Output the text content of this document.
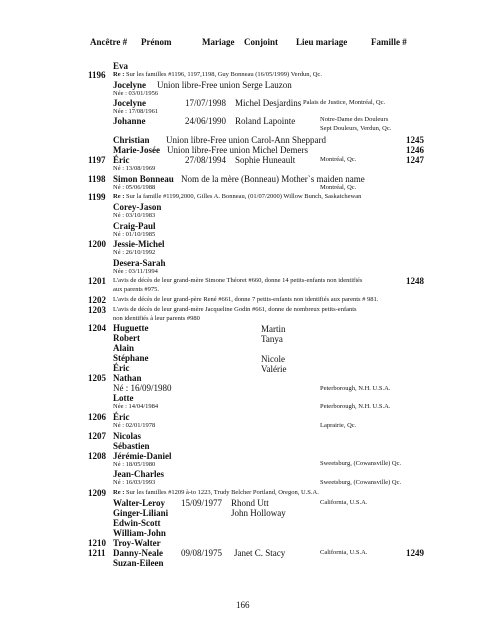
Ancêtre # Prénom	Mariage Conjoint Lieu mariage	Famille #
Eva
1196 Re : Sur les familles #1196, 1197,1198, Guy Bonneau (16/05/1999) Verdun, Qc.
Jocelyne Union libre-Free union Serge Lauzon
Née : 03/01/1956
Jocelyne	17/07/1998 Michel Desjardins Palais de Justice, Montréal, Qc.
Née : 17/08/1961
Johanne	24/06/1990 Roland Lapointe	Notre-Dame des Douleurs
Sept Douleurs, Verdun, Qc.
Christian Union libre-Free union Carol-Ann Sheppard	1245
Marie-Josée Union libre-Free union Michel Demers	1246
1197 Éric	27/08/1994 Sophie Huneault	Montréal, Qc.	1247
Né : 13/08/1969
1198 Simon Bonneau Nom de la mère (Bonneau) Mother`s maiden name
Né : 05/06/1988	Montréal, Qc.
1199 Re : Sur la famille #1199,2000, Gilles A. Bonneau, (01/07/2000) Willow Bunch, Saskatchewan
Corey-Jason
Né : 03/10/1983
Craig-Paul
Né : 01/10/1985
1200 Jessie-Michel
Né : 26/10/1992
Desera-Sarah
Née : 03/11/1994
1201 L'avis de décès de leur grand-mère Simone Théoret #660, donne 14 petits-enfants non identifiés	1248
aux parents #975.
1202 L'avis de décès de leur grand-père René #661, donne 7 petits-enfants non identifiés aux parents # 981.
1203 L'avis de décès de leur grand-mère Jacqueline Godin #661, donne de nombreux petits-enfants
non identifiés à leur parents #980
1204 Huguette	Martin
Robert	Tanya
Alain
Stéphane	Nicole
Éric	Valérie
1205 Nathan
Né : 16/09/1980	Peterborough, N.H. U.S.A.
Lotte
Née : 14/04/1984	Peterborough, N.H. U.S.A.
1206 Éric
Né : 02/01/1978	Laprairie, Qc.
1207 Nicolas
Sébastien
1208 Jérémie-Daniel
Né : 18/05/1980	Sweetsburg, (Cowansville) Qc.
Jean-Charles
Né : 16/03/1993	Sweetsburg, (Cowansville) Qc.
1209 Re : Sur les familles #1209 à-to 1223, Trudy Belcher Portland, Oregon, U.S.A.
Walter-Leroy 15/09/1977 Rhond Utt	California, U.S.A.
Ginger-Liliani	John Holloway
Edwin-Scott
William-John
1210 Troy-Walter
1211 Danny-Neale 09/08/1975 Janet C. Stacy	California, U.S.A.	1249
Suzan-Eileen
166
